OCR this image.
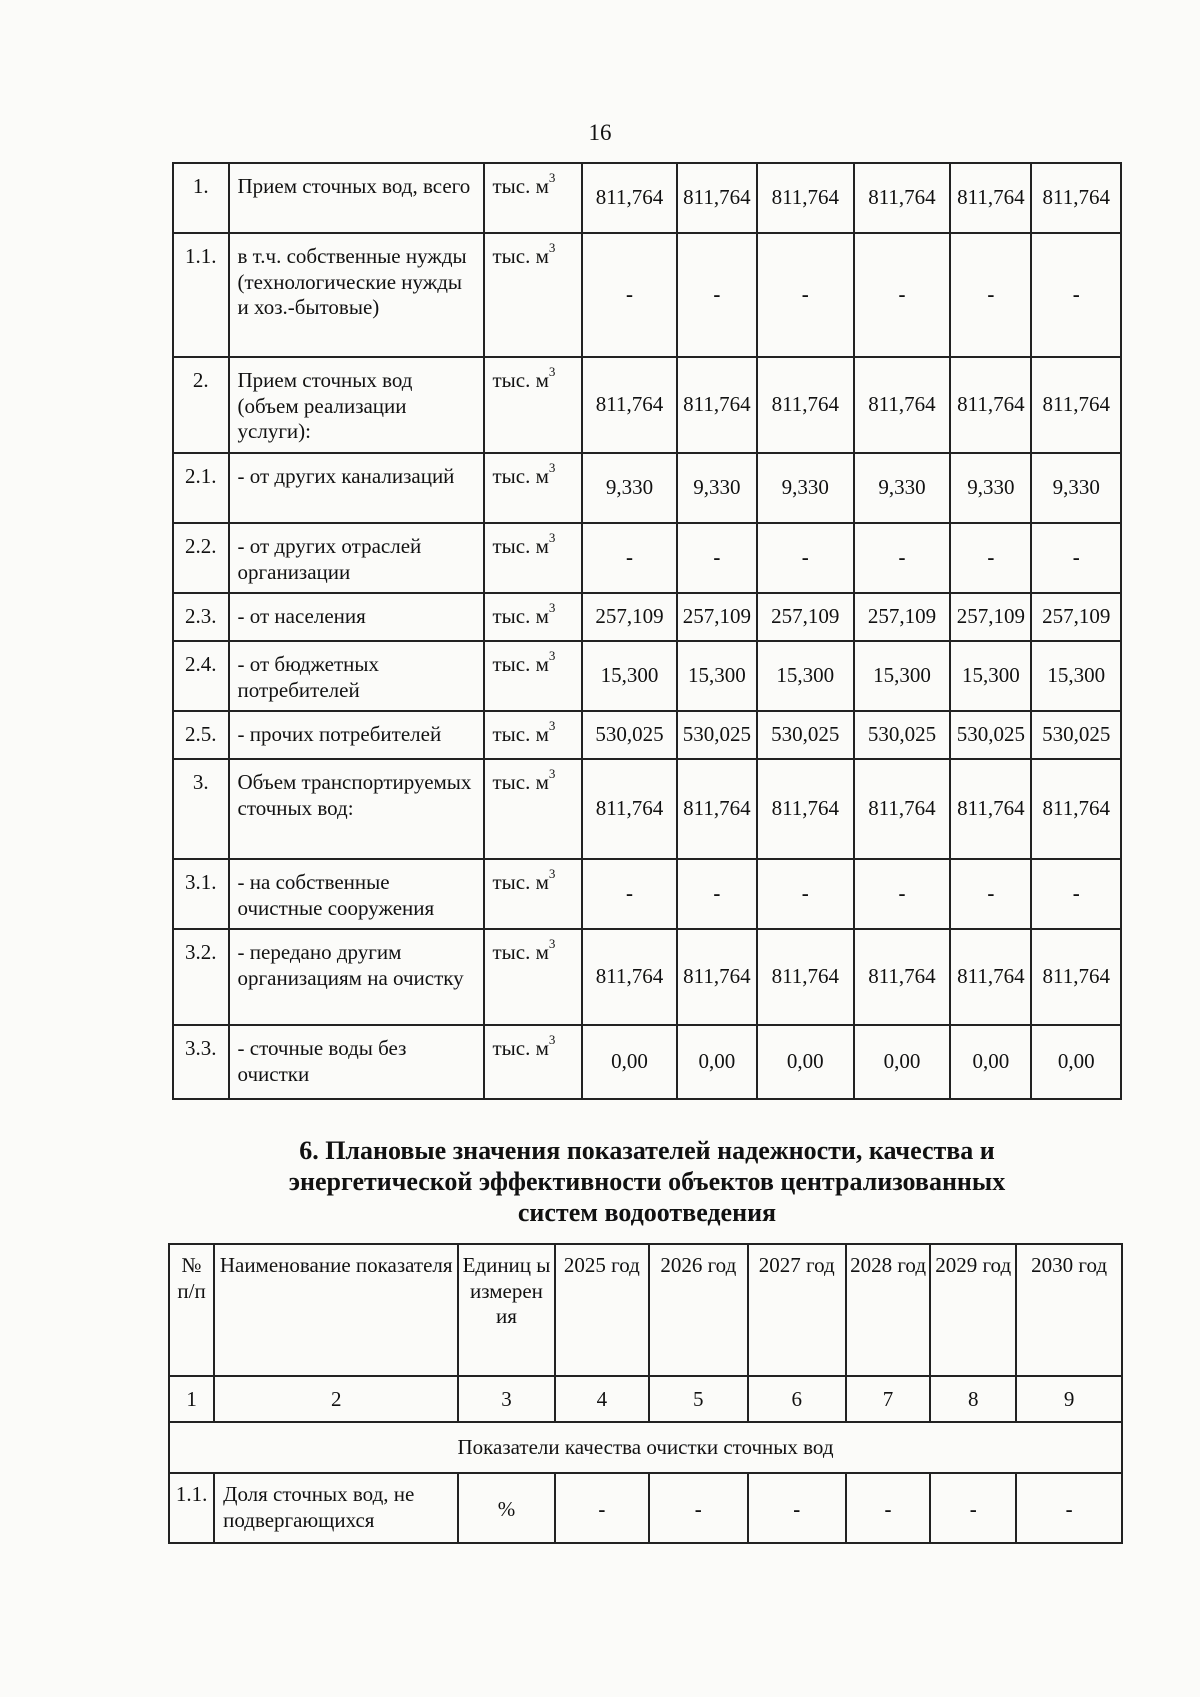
16
1.	Прием сточных вод, всего	тыс. $м^3$	811,764	811,764	811,764	811,764	811,764	811,764
1.1.	в т.ч. собственные нужды (технологические нужды и хоз.-бытовые)	тыс. $м^3$	-	-	-	-	-	-
2.	Прием сточных вод (объем реализации услуги):	тыс. $м^3$	811,764	811,764	811,764	811,764	811,764	811,764
2.1.	- от других канализаций	тыс. $м^3$	9,330	9,330	9,330	9,330	9,330	9,330
2.2.	- от других отраслей организации	тыс. $м^3$	-	-	-	-	-	-
2.3.	- от населения	тыс. $м^3$	257,109	257,109	257,109	257,109	257,109	257,109
2.4.	- от бюджетных потребителей	тыс. $м^3$	15,300	15,300	15,300	15,300	15,300	15,300
2.5.	- прочих потребителей	тыс. $м^3$	530,025	530,025	530,025	530,025	530,025	530,025
3.	Объем транспортируемых сточных вод:	тыс. $м^3$	811,764	811,764	811,764	811,764	811,764	811,764
3.1.	- на собственные очистные сооружения	тыс. $м^3$	-	-	-	-	-	-
3.2.	- передано другим организациям на очистку	тыс. $м^3$	811,764	811,764	811,764	811,764	811,764	811,764
3.3.	- сточные воды без очистки	тыс. $м^3$	0,00	0,00	0,00	0,00	0,00	0,00
6. Плановые значения показателей надежности, качества и
энергетической эффективности объектов централизованных
систем водоотведения
№
п/п	Наименование показателя	Единиц ы измерен ия	2025 год	2026 год	2027 год	2028 год	2029 год	2030 год
1	2	3	4	5	6	7	8	9
Показатели качества очистки сточных вод								
1.1.	Доля сточных вод, не подвергающихся	%	-	-	-	-	-	-
